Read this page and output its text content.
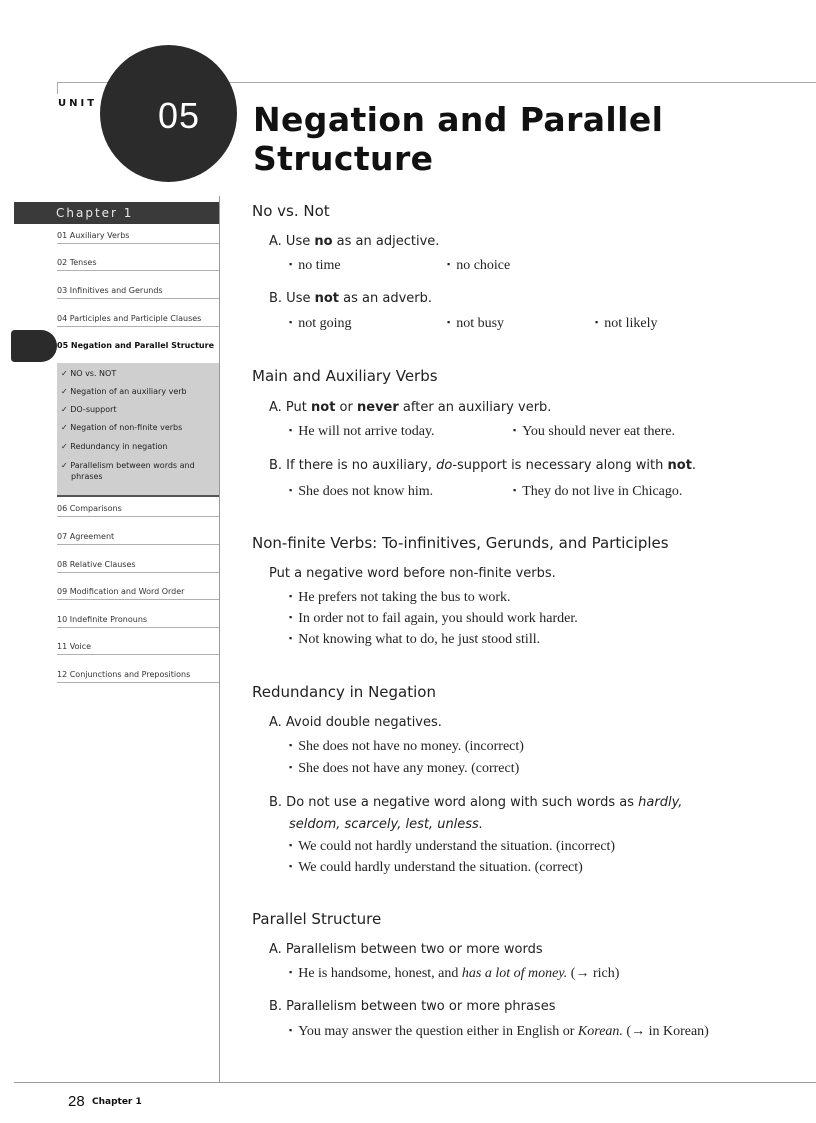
UNIT	05	Negation and Parallel Structure
Chapter 1
01 Auxiliary Verbs
02 Tenses
03 Infinitives and Gerunds
04 Participles and Participle Clauses
05 Negation and Parallel Structure
✓ NO vs. NOT
✓ Negation of an auxiliary verb
✓ DO-support
✓ Negation of non-finite verbs
✓ Redundancy in negation
✓ Parallelism between words and
phrases
06 Comparisons
07 Agreement
08 Relative Clauses
09 Modification and Word Order
10 Indefinite Pronouns
11 Voice
12 Conjunctions and Prepositions
No vs. Not
A. Use no as an adjective.
▪ no time	▪ no choice
B. Use not as an adverb.
▪ not going	▪ not busy	▪ not likely
Main and Auxiliary Verbs
A. Put not or never after an auxiliary verb.
▪ He will not arrive today.	▪ You should never eat there.
B. If there is no auxiliary, do-support is necessary along with not.
▪ She does not know him.	▪ They do not live in Chicago.
Non-finite Verbs: To-infinitives, Gerunds, and Participles
Put a negative word before non-finite verbs.
▪ He prefers not taking the bus to work.
▪ In order not to fail again, you should work harder.
▪ Not knowing what to do, he just stood still.
Redundancy in Negation
A. Avoid double negatives.
▪ She does not have no money. (incorrect)
▪ She does not have any money. (correct)
B. Do not use a negative word along with such words as hardly,
seldom, scarcely, lest, unless.
▪ We could not hardly understand the situation. (incorrect)
▪ We could hardly understand the situation. (correct)
Parallel Structure
A. Parallelism between two or more words
▪ He is handsome, honest, and has a lot of money. (→ rich)
B. Parallelism between two or more phrases
▪ You may answer the question either in English or Korean. (→ in Korean)
28 Chapter 1
